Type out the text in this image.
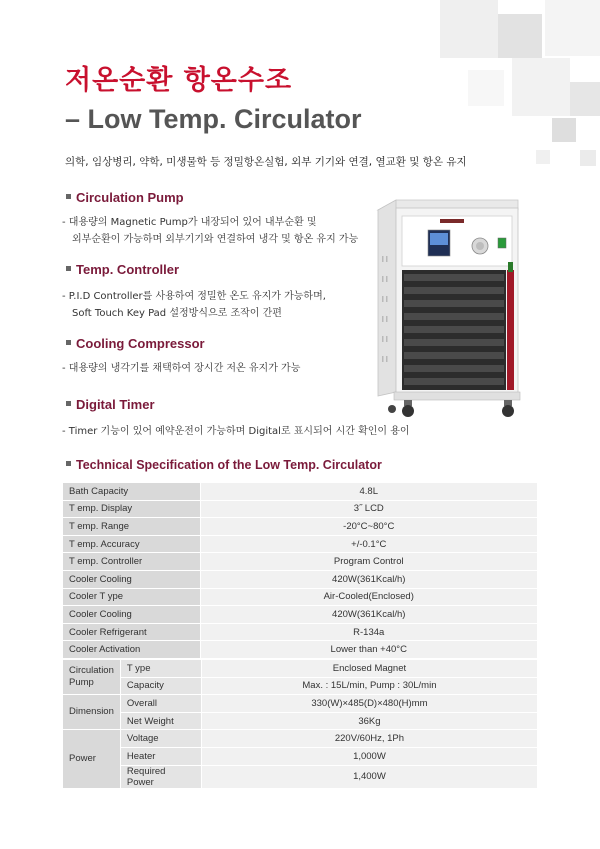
저온순환 항온수조
– Low Temp. Circulator
의학, 임상병리, 약학, 미생물학 등 정밀항온실험, 외부 기기와 연결, 열교환 및 항온 유지
Circulation Pump
- 대용량의 Magnetic Pump가 내장되어 있어 내부순환 및
외부순환이 가능하며 외부기기와 연결하여 냉각 및 항온 유지 가능
Temp. Controller
- P.I.D Controller를 사용하여 정밀한 온도 유지가 가능하며,
Soft Touch Key Pad 설정방식으로 조작이 간편
Cooling Compressor
- 대용량의 냉각기를 채택하여 장시간 저온 유지가 가능
Digital Timer
- Timer 기능이 있어 예약운전이 가능하며 Digital로 표시되어 시간 확인이 용이
Technical Specification of the Low Temp. Circulator
Bath Capacity	4.8L
T emp. Display	3˝ LCD
T emp. Range	-20°C~80°C
T emp. Accuracy	+/-0.1°C
T emp. Controller	Program Control
Cooler Cooling	420W(361Kcal/h)
Cooler T ype	Air-Cooled(Enclosed)
Cooler Cooling	420W(361Kcal/h)
Cooler Refrigerant	R-134a
Cooler Activation	Lower than +40°C
Circulation Pump	T ype	Enclosed Magnet
	Capacity	Max. : 15L/min, Pump : 30L/min
Dimension	Overall	330(W)×485(D)×480(H)mm
	Net Weight	36Kg
Power	Voltage	220V/60Hz, 1Ph
	Heater	1,000W
	Required Power	1,400W
